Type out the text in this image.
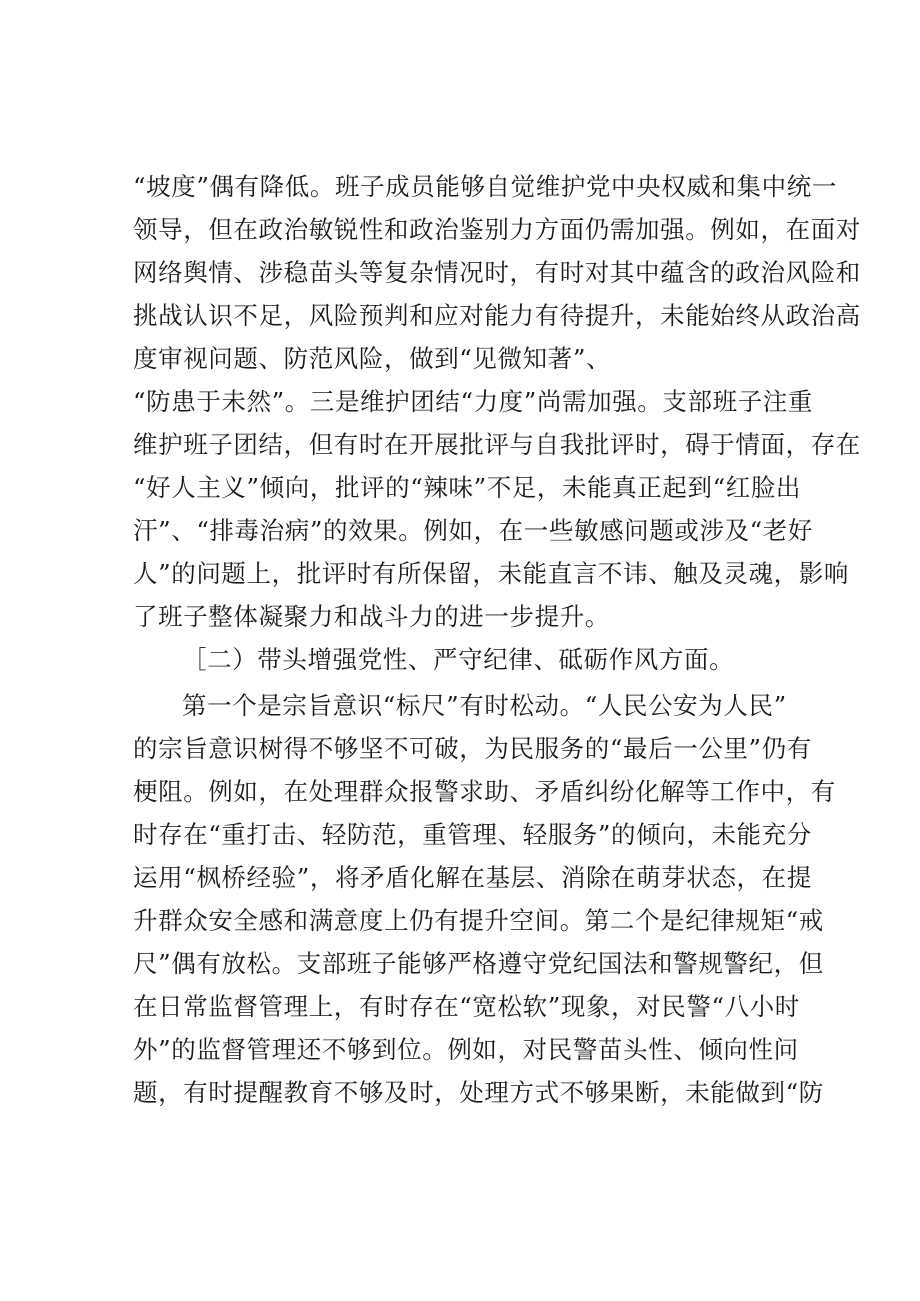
“坡度”偶有降低。班子成员能够自觉维护党中央权威和集中统一
领导，但在政治敏锐性和政治鉴别力方面仍需加强。例如，在面对
网络舆情、涉稳苗头等复杂情况时，有时对其中蕴含的政治风险和
挑战认识不足，风险预判和应对能力有待提升，未能始终从政治高
度审视问题、防范风险，做到“见微知著”、
“防患于未然”。三是维护团结“力度”尚需加强。支部班子注重
维护班子团结，但有时在开展批评与自我批评时，碍于情面，存在
“好人主义”倾向，批评的“辣味”不足，未能真正起到“红脸出
汗”、“排毒治病”的效果。例如，在一些敏感问题或涉及“老好
人”的问题上，批评时有所保留，未能直言不讳、触及灵魂，影响
了班子整体凝聚力和战斗力的进一步提升。
［二）带头增强党性、严守纪律、砥砺作风方面。
第一个是宗旨意识“标尺”有时松动。“人民公安为人民”
的宗旨意识树得不够坚不可破，为民服务的“最后一公里”仍有
梗阻。例如，在处理群众报警求助、矛盾纠纷化解等工作中，有
时存在“重打击、轻防范，重管理、轻服务”的倾向，未能充分
运用“枫桥经验”，将矛盾化解在基层、消除在萌芽状态，在提
升群众安全感和满意度上仍有提升空间。第二个是纪律规矩“戒
尺”偶有放松。支部班子能够严格遵守党纪国法和警规警纪，但
在日常监督管理上，有时存在“宽松软”现象，对民警“八小时
外”的监督管理还不够到位。例如，对民警苗头性、倾向性问
题，有时提醒教育不够及时，处理方式不够果断，未能做到“防
